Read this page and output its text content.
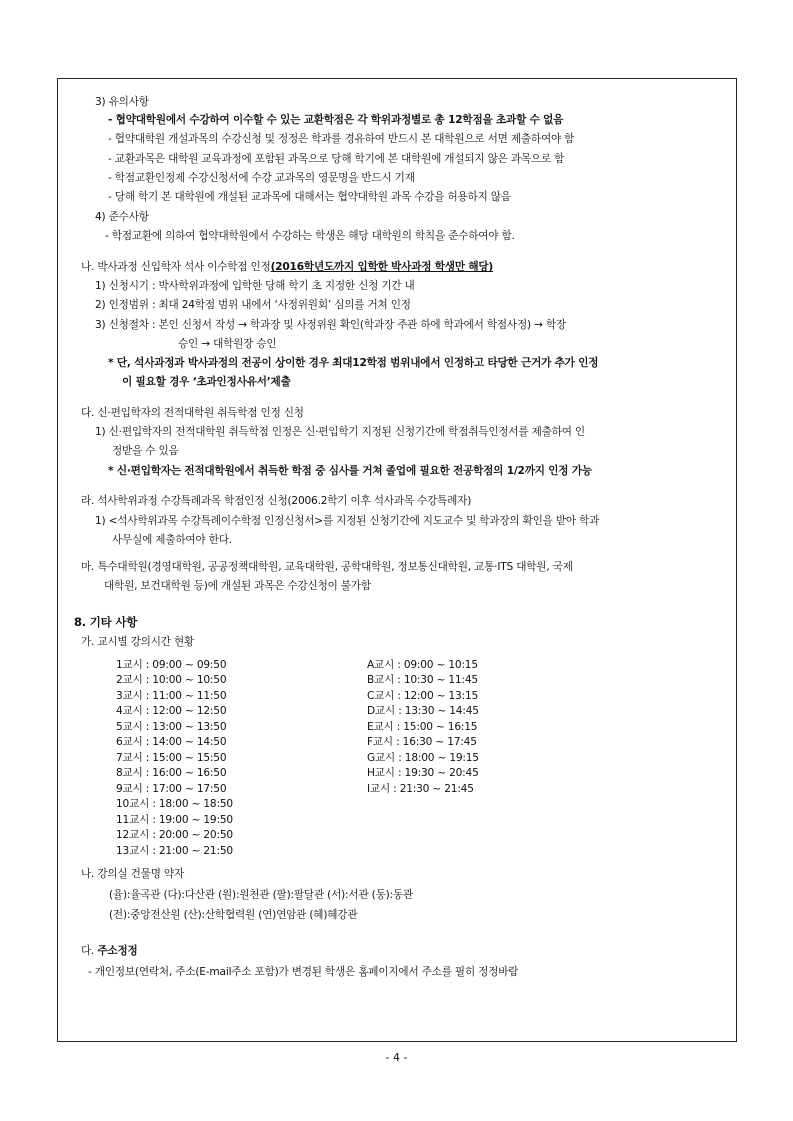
3) 유의사항
- 협약대학원에서 수강하여 이수할 수 있는 교환학점은 각 학위과정별로 총 12학점을 초과할 수 없음
- 협약대학원 개설과목의 수강신청 및 정정은 학과를 경유하여 반드시 본 대학원으로 서면 제출하여야 함
- 교환과목은 대학원 교육과정에 포함된 과목으로 당해 학기에 본 대학원에 개설되지 않은 과목으로 함
- 학점교환인정제 수강신청서에 수강 교과목의 영문명을 반드시 기재
- 당해 학기 본 대학원에 개설된 교과목에 대해서는 협약대학원 과목 수강을 허용하지 않음
4) 준수사항
- 학점교환에 의하여 협약대학원에서 수강하는 학생은 해당 대학원의 학칙을 준수하여야 함.
나. 박사과정 신입학자 석사 이수학점 인정(2016학년도까지 입학한 박사과정 학생만 해당)
1) 신청시기 : 박사학위과정에 입학한 당해 학기 초 지정한 신청 기간 내
2) 인정범위 : 최대 24학점 범위 내에서 ‘사정위원회’ 심의를 거쳐 인정
3) 신청절차 : 본인 신청서 작성 → 학과장 및 사정위원 확인(학과장 주관 하에 학과에서 학점사정) → 학장
승인 → 대학원장 승인
* 단, 석사과정과 박사과정의 전공이 상이한 경우 최대12학점 범위내에서 인정하고 타당한 근거가 추가 인정
이 필요할 경우 ‘초과인정사유서’제출
다. 신·편입학자의 전적대학원 취득학점 인정 신청
1) 신·편입학자의 전적대학원 취득학점 인정은 신·편입학기 지정된 신청기간에 학점취득인정서를 제출하여 인
정받을 수 있음
* 신·편입학자는 전적대학원에서 취득한 학점 중 심사를 거쳐 졸업에 필요한 전공학점의 1/2까지 인정 가능
라. 석사학위과정 수강특례과목 학점인정 신청(2006.2학기 이후 석사과목 수강특례자)
1) <석사학위과목 수강특례이수학점 인정신청서>를 지정된 신청기간에 지도교수 및 학과장의 확인을 받아 학과
사무실에 제출하여야 한다.
마. 특수대학원(경영대학원, 공공정책대학원, 교육대학원, 공학대학원, 정보통신대학원, 교통·ITS 대학원, 국제
대학원, 보건대학원 등)에 개설된 과목은 수강신청이 불가함
8. 기타 사항
가. 교시별 강의시간 현황
1교시 : 09:00 ~ 09:50
2교시 : 10:00 ~ 10:50
3교시 : 11:00 ~ 11:50
4교시 : 12:00 ~ 12:50
5교시 : 13:00 ~ 13:50
6교시 : 14:00 ~ 14:50
7교시 : 15:00 ~ 15:50
8교시 : 16:00 ~ 16:50
9교시 : 17:00 ~ 17:50
10교시 : 18:00 ~ 18:50
11교시 : 19:00 ~ 19:50
12교시 : 20:00 ~ 20:50
13교시 : 21:00 ~ 21:50
A교시 : 09:00 ~ 10:15
B교시 : 10:30 ~ 11:45
C교시 : 12:00 ~ 13:15
D교시 : 13:30 ~ 14:45
E교시 : 15:00 ~ 16:15
F교시 : 16:30 ~ 17:45
G교시 : 18:00 ~ 19:15
H교시 : 19:30 ~ 20:45
I교시 : 21:30 ~ 21:45
나. 강의실 건물명 약자
(율):율곡관 (다):다산관 (원):원천관 (팔):팔달관 (서):서관 (동):동관
(전):중앙전산원 (산):산학협력원 (연)연암관 (혜)혜강관
다. 주소정정
- 개인정보(연락처, 주소(E-mail주소 포함)가 변경된 학생은 홈페이지에서 주소를 필히 정정바람
- 4 -
